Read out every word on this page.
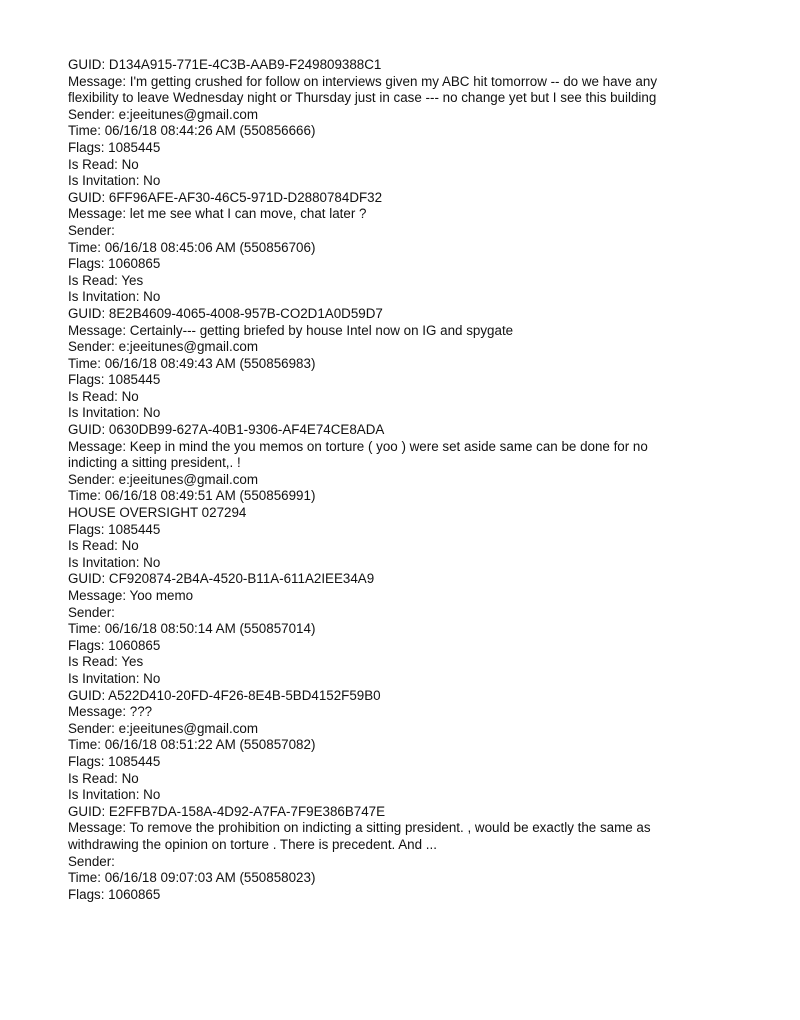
GUID: D134A915-771E-4C3B-AAB9-F249809388C1
Message: I'm getting crushed for follow on interviews given my ABC hit tomorrow -- do we have any flexibility to leave Wednesday night or Thursday just in case --- no change yet but I see this building
Sender: e:jeeitunes@gmail.com
Time: 06/16/18 08:44:26 AM (550856666)
Flags: 1085445
Is Read: No
Is Invitation: No
GUID: 6FF96AFE-AF30-46C5-971D-D2880784DF32
Message: let me see what I can move, chat later ?
Sender:
Time: 06/16/18 08:45:06 AM (550856706)
Flags: 1060865
Is Read: Yes
Is Invitation: No
GUID: 8E2B4609-4065-4008-957B-CO2D1A0D59D7
Message: Certainly--- getting briefed by house Intel now on IG and spygate
Sender: e:jeeitunes@gmail.com
Time: 06/16/18 08:49:43 AM (550856983)
Flags: 1085445
Is Read: No
Is Invitation: No
GUID: 0630DB99-627A-40B1-9306-AF4E74CE8ADA
Message: Keep in mind the you memos on torture ( yoo ) were set aside same can be done for no indicting a sitting president,. !
Sender: e:jeeitunes@gmail.com
Time: 06/16/18 08:49:51 AM (550856991)
HOUSE OVERSIGHT 027294
Flags: 1085445
Is Read: No
Is Invitation: No
GUID: CF920874-2B4A-4520-B11A-611A2IEE34A9
Message: Yoo memo
Sender:
Time: 06/16/18 08:50:14 AM (550857014)
Flags: 1060865
Is Read: Yes
Is Invitation: No
GUID: A522D410-20FD-4F26-8E4B-5BD4152F59B0
Message: ???
Sender: e:jeeitunes@gmail.com
Time: 06/16/18 08:51:22 AM (550857082)
Flags: 1085445
Is Read: No
Is Invitation: No
GUID: E2FFB7DA-158A-4D92-A7FA-7F9E386B747E
Message: To remove the prohibition on indicting a sitting president. , would be exactly the same as withdrawing the opinion on torture . There is precedent. And ...
Sender:
Time: 06/16/18 09:07:03 AM (550858023)
Flags: 1060865
